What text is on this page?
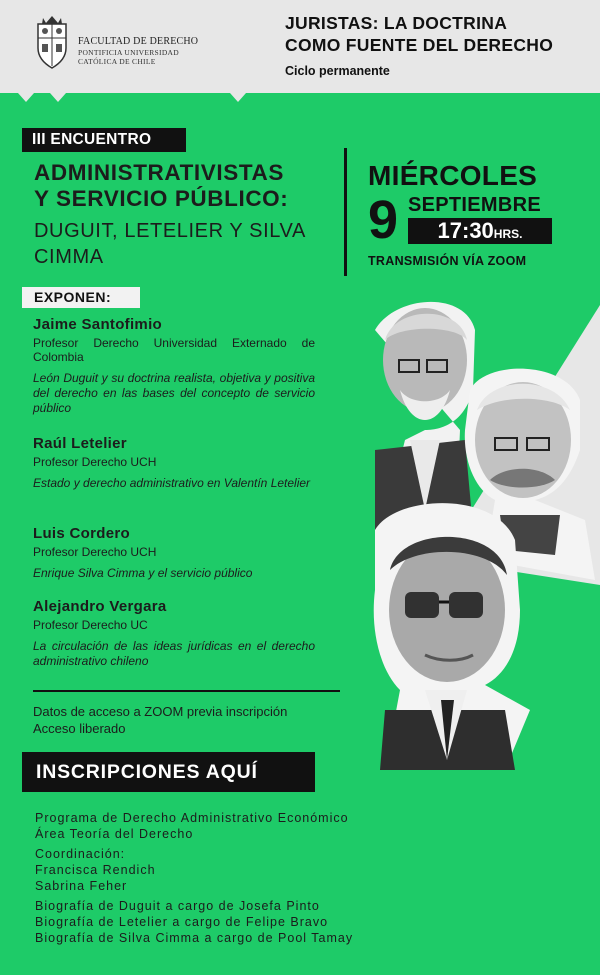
FACULTAD DE DERECHO
PONTIFICIA UNIVERSIDAD CATÓLICA DE CHILE
JURISTAS: LA DOCTRINA
COMO FUENTE DEL DERECHO
Ciclo permanente
III ENCUENTRO
ADMINISTRATIVISTAS
Y SERVICIO PÚBLICO:
DUGUIT, LETELIER Y SILVA CIMMA
MIÉRCOLES
9 SEPTIEMBRE
17:30HRS.
TRANSMISIÓN VÍA ZOOM
EXPONEN:
Jaime Santofimio
Profesor Derecho Universidad Externado de Colombia
León Duguit y su doctrina realista, objetiva y positiva del derecho en las bases del concepto de servicio público
Raúl Letelier
Profesor Derecho UCH
Estado y derecho administrativo en Valentín Letelier
Luis Cordero
Profesor Derecho UCH
Enrique Silva Cimma y el servicio público
Alejandro Vergara
Profesor Derecho UC
La circulación de las ideas jurídicas en el derecho administrativo chileno
Datos de acceso a ZOOM previa inscripción
Acceso liberado
INSCRIPCIONES AQUÍ
Programa de Derecho Administrativo Económico
Área Teoría del Derecho
Coordinación:
Francisca Rendich
Sabrina Feher
Biografía de Duguit a cargo de Josefa Pinto
Biografía de Letelier a cargo de Felipe Bravo
Biografía de Silva Cimma a cargo de Pool Tamay
